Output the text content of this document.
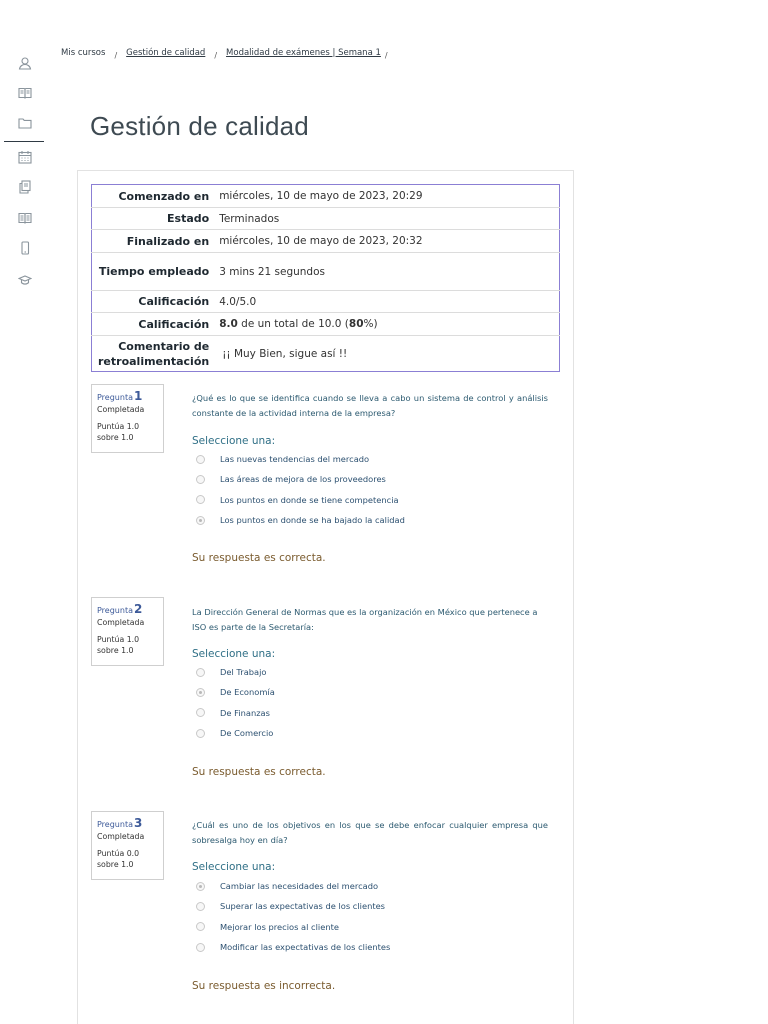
Mis cursos / Gestión de calidad / Modalidad de exámenes | Semana 1 /
Gestión de calidad
Comenzado en	miércoles, 10 de mayo de 2023, 20:29
Estado	Terminados
Finalizado en	miércoles, 10 de mayo de 2023, 20:32
Tiempo empleado	3 mins 21 segundos
Calificación	4.0/5.0
Calificación	8.0 de un total de 10.0 (80%)
Comentario de retroalimentación	¡¡ Muy Bien, sigue así !!
Pregunta1
Completada
Puntúa 1.0
sobre 1.0
¿Qué es lo que se identifica cuando se lleva a cabo un sistema de control y análisis constante de la actividad interna de la empresa?
Seleccione una:
Las nuevas tendencias del mercado
Las áreas de mejora de los proveedores
Los puntos en donde se tiene competencia
Los puntos en donde se ha bajado la calidad
Su respuesta es correcta.
Pregunta2
Completada
Puntúa 1.0
sobre 1.0
La Dirección General de Normas que es la organización en México que pertenece a ISO es parte de la Secretaría:
Seleccione una:
Del Trabajo
De Economía
De Finanzas
De Comercio
Su respuesta es correcta.
Pregunta3
Completada
Puntúa 0.0
sobre 1.0
¿Cuál es uno de los objetivos en los que se debe enfocar cualquier empresa que sobresalga hoy en día?
Seleccione una:
Cambiar las necesidades del mercado
Superar las expectativas de los clientes
Mejorar los precios al cliente
Modificar las expectativas de los clientes
Su respuesta es incorrecta.
